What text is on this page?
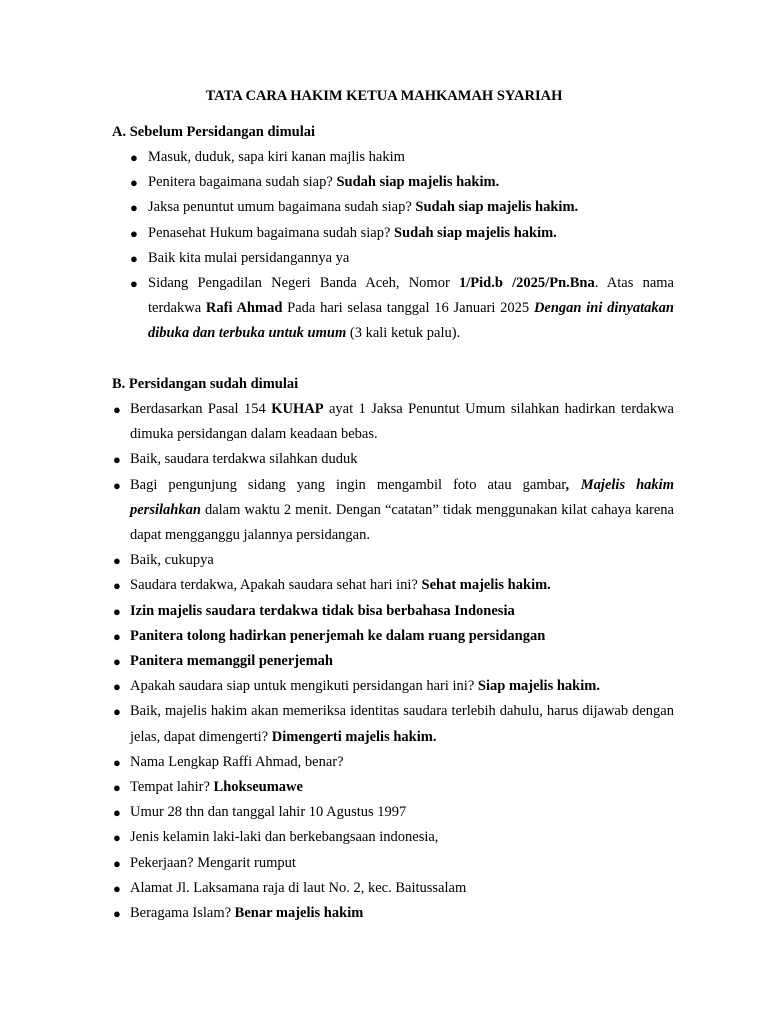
TATA CARA HAKIM KETUA MAHKAMAH SYARIAH
A. Sebelum Persidangan dimulai
● Masuk, duduk, sapa kiri kanan majlis hakim
● Penitera bagaimana sudah siap? Sudah siap majelis hakim.
● Jaksa penuntut umum bagaimana sudah siap? Sudah siap majelis hakim.
● Penasehat Hukum bagaimana sudah siap? Sudah siap majelis hakim.
● Baik kita mulai persidangannya ya
● Sidang Pengadilan Negeri Banda Aceh, Nomor 1/Pid.b /2025/Pn.Bna. Atas nama terdakwa Rafi Ahmad Pada hari selasa tanggal 16 Januari 2025 Dengan ini dinyatakan dibuka dan terbuka untuk umum (3 kali ketuk palu).
B. Persidangan sudah dimulai
● Berdasarkan Pasal 154 KUHAP ayat 1 Jaksa Penuntut Umum silahkan hadirkan terdakwa dimuka persidangan dalam keadaan bebas.
● Baik, saudara terdakwa silahkan duduk
● Bagi pengunjung sidang yang ingin mengambil foto atau gambar, Majelis hakim persilahkan dalam waktu 2 menit. Dengan “catatan” tidak menggunakan kilat cahaya karena dapat mengganggu jalannya persidangan.
● Baik, cukupya
● Saudara terdakwa, Apakah saudara sehat hari ini? Sehat majelis hakim.
● Izin majelis saudara terdakwa tidak bisa berbahasa Indonesia
● Panitera tolong hadirkan penerjemah ke dalam ruang persidangan
● Panitera memanggil penerjemah
● Apakah saudara siap untuk mengikuti persidangan hari ini? Siap majelis hakim.
● Baik, majelis hakim akan memeriksa identitas saudara terlebih dahulu, harus dijawab dengan jelas, dapat dimengerti? Dimengerti majelis hakim.
● Nama Lengkap Raffi Ahmad, benar?
● Tempat lahir? Lhokseumawe
● Umur 28 thn dan tanggal lahir 10 Agustus 1997
● Jenis kelamin laki-laki dan berkebangsaan indonesia,
● Pekerjaan? Mengarit rumput
● Alamat Jl. Laksamana raja di laut No. 2, kec. Baitussalam
● Beragama Islam? Benar majelis hakim
